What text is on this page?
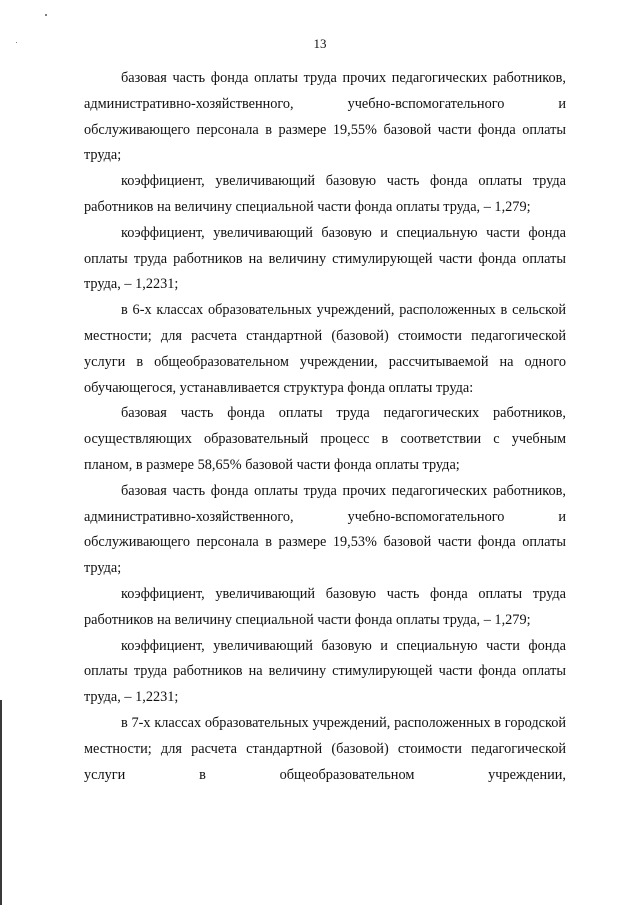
13

базовая часть фонда оплаты труда прочих педагогических работников, административно-хозяйственного, учебно-вспомогательного и обслуживающего персонала в размере 19,55% базовой части фонда оплаты труда;

коэффициент, увеличивающий базовую часть фонда оплаты труда работников на величину специальной части фонда оплаты труда, – 1,279;

коэффициент, увеличивающий базовую и специальную части фонда оплаты труда работников на величину стимулирующей части фонда оплаты труда, – 1,2231;

в 6-х классах образовательных учреждений, расположенных в сельской местности; для расчета стандартной (базовой) стоимости педагогической услуги в общеобразовательном учреждении, рассчитываемой на одного обучающегося, устанавливается структура фонда оплаты труда:

базовая часть фонда оплаты труда педагогических работников, осуществляющих образовательный процесс в соответствии с учебным планом, в размере 58,65% базовой части фонда оплаты труда;

базовая часть фонда оплаты труда прочих педагогических работников, административно-хозяйственного, учебно-вспомогательного и обслуживающего персонала в размере 19,53% базовой части фонда оплаты труда;

коэффициент, увеличивающий базовую часть фонда оплаты труда работников на величину специальной части фонда оплаты труда, – 1,279;

коэффициент, увеличивающий базовую и специальную части фонда оплаты труда работников на величину стимулирующей части фонда оплаты труда, – 1,2231;

в 7-х классах образовательных учреждений, расположенных в городской местности; для расчета стандартной (базовой) стоимости педагогической услуги в общеобразовательном учреждении,
